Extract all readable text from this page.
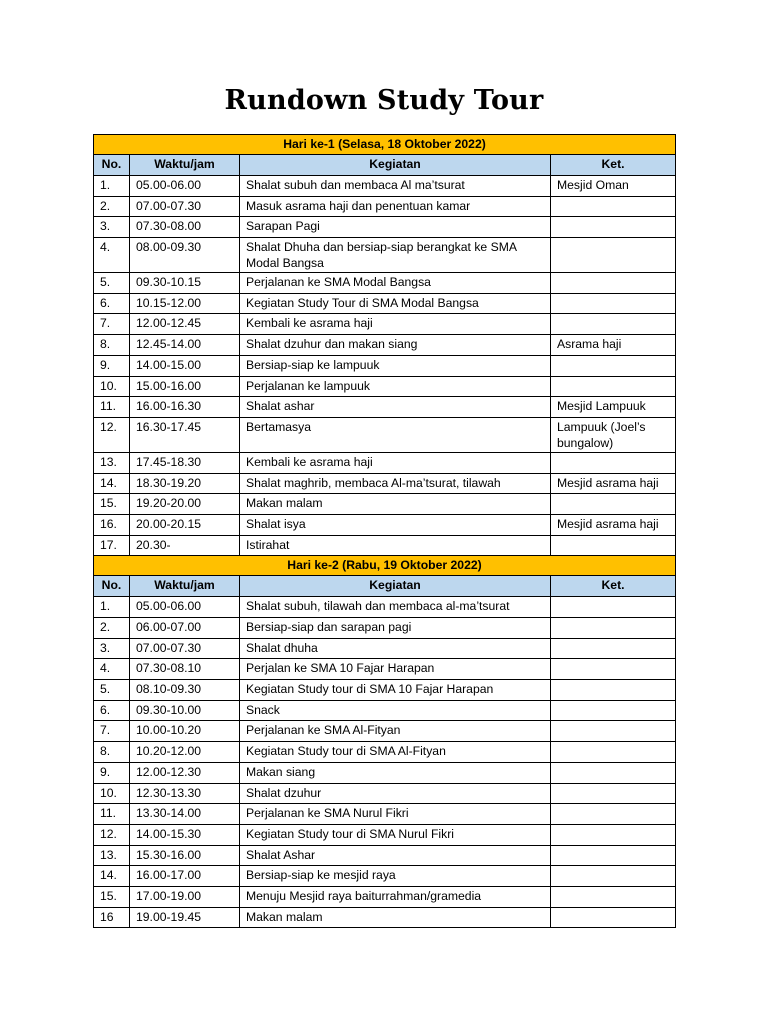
Rundown Study Tour
Hari ke-1 (Selasa, 18 Oktober 2022)			
No.	Waktu/jam	Kegiatan	Ket.
1.	05.00-06.00	Shalat subuh dan membaca Al ma’tsurat	Mesjid Oman
2.	07.00-07.30	Masuk asrama haji dan penentuan kamar	
3.	07.30-08.00	Sarapan Pagi	
4.	08.00-09.30	Shalat Dhuha dan bersiap-siap berangkat ke SMA Modal Bangsa	
5.	09.30-10.15	Perjalanan ke SMA Modal Bangsa	
6.	10.15-12.00	Kegiatan Study Tour di SMA Modal Bangsa	
7.	12.00-12.45	Kembali ke asrama haji	
8.	12.45-14.00	Shalat dzuhur dan makan siang	Asrama haji
9.	14.00-15.00	Bersiap-siap ke lampuuk	
10.	15.00-16.00	Perjalanan ke lampuuk	
11.	16.00-16.30	Shalat ashar	Mesjid Lampuuk
12.	16.30-17.45	Bertamasya	Lampuuk (Joel’s bungalow)
13.	17.45-18.30	Kembali ke asrama haji	
14.	18.30-19.20	Shalat maghrib, membaca Al-ma’tsurat, tilawah	Mesjid asrama haji
15.	19.20-20.00	Makan malam	
16.	20.00-20.15	Shalat isya	Mesjid asrama haji
17.	20.30-	Istirahat	
Hari ke-2 (Rabu, 19 Oktober 2022)			
No.	Waktu/jam	Kegiatan	Ket.
1.	05.00-06.00	Shalat subuh, tilawah dan membaca al-ma’tsurat	
2.	06.00-07.00	Bersiap-siap dan sarapan pagi	
3.	07.00-07.30	Shalat dhuha	
4.	07.30-08.10	Perjalan ke SMA 10 Fajar Harapan	
5.	08.10-09.30	Kegiatan Study tour di SMA 10 Fajar Harapan	
6.	09.30-10.00	Snack	
7.	10.00-10.20	Perjalanan ke SMA Al-Fityan	
8.	10.20-12.00	Kegiatan Study tour di SMA Al-Fityan	
9.	12.00-12.30	Makan siang	
10.	12.30-13.30	Shalat dzuhur	
11.	13.30-14.00	Perjalanan ke SMA Nurul Fikri	
12.	14.00-15.30	Kegiatan Study tour di SMA Nurul Fikri	
13.	15.30-16.00	Shalat Ashar	
14.	16.00-17.00	Bersiap-siap ke mesjid raya	
15.	17.00-19.00	Menuju Mesjid raya baiturrahman/gramedia	
16	19.00-19.45	Makan malam	
